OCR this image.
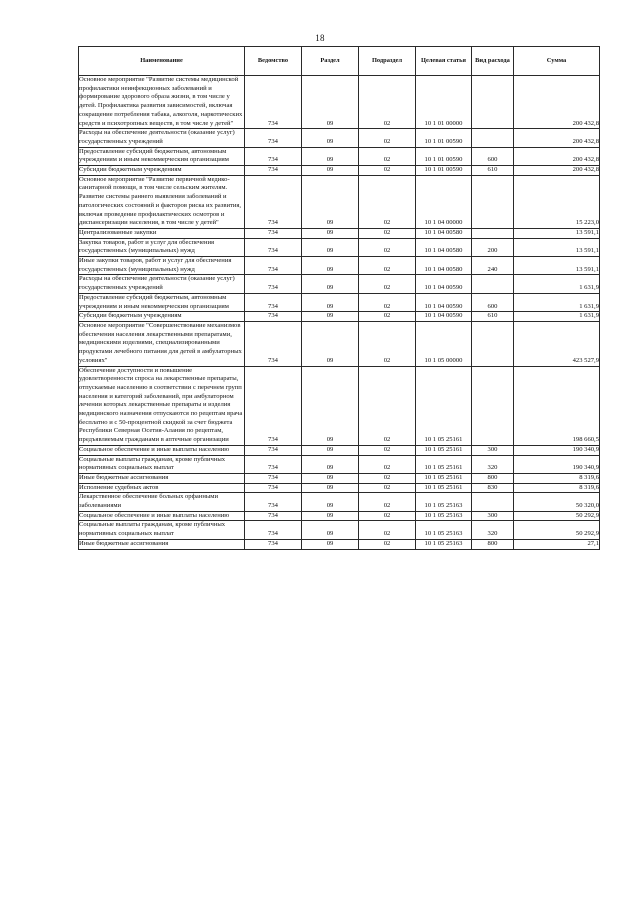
18
Наименование	Ведомство	Раздел	Подраздел	Целевая статья	Вид расхода	Сумма
Основное мероприятие "Развитие системы медицинской профилактики неинфекционных заболеваний и формирование здорового образа жизни, в том числе у детей. Профилактика развития зависимостей, включая сокращение потребления табака, алкоголя, наркотических средств и психотропных веществ, в том числе у детей"	734	09	02	10 1 01 00000		200 432,8
Расходы на обеспечение деятельности (оказание услуг) государственных учреждений	734	09	02	10 1 01 00590		200 432,8
Предоставление субсидий бюджетным, автономным учреждениям и иным некоммерческим организациям	734	09	02	10 1 01 00590	600	200 432,8
Субсидии бюджетным учреждениям	734	09	02	10 1 01 00590	610	200 432,8
Основное мероприятие "Развитие первичной медико-санитарной помощи, в том числе сельским жителям. Развитие системы раннего выявления заболеваний и патологических состояний и факторов риска их развития, включая проведение профилактических осмотров и диспансеризации населения, в том числе у детей"	734	09	02	10 1 04 00000		15 223,0
Централизованные закупки	734	09	02	10 1 04 00580		13 591,1
Закупка товаров, работ и услуг для обеспечения государственных (муниципальных) нужд	734	09	02	10 1 04 00580	200	13 591,1
Иные закупки товаров, работ и услуг для обеспечения государственных (муниципальных) нужд	734	09	02	10 1 04 00580	240	13 591,1
Расходы на обеспечение деятельности (оказание услуг) государственных учреждений	734	09	02	10 1 04 00590		1 631,9
Предоставление субсидий бюджетным, автономным учреждениям и иным некоммерческим организациям	734	09	02	10 1 04 00590	600	1 631,9
Субсидии бюджетным учреждениям	734	09	02	10 1 04 00590	610	1 631,9
Основное мероприятие "Совершенствование механизмов обеспечения населения лекарственными препаратами, медицинскими изделиями, специализированными продуктами лечебного питания для детей в амбулаторных условиях"	734	09	02	10 1 05 00000		423 527,9
Обеспечение доступности и повышение удовлетворенности спроса на лекарственные препараты, отпускаемые населению в соответствии с перечнем групп населения и категорий заболеваний, при амбулаторном лечении которых лекарственные препараты и изделия медицинского назначения отпускаются по рецептам врача бесплатно и с 50-процентной скидкой за счет бюджета Республики Северная Осетия-Алания по рецептам, предъявляемым гражданами в аптечные организации	734	09	02	10 1 05 25161		198 660,5
Социальное обеспечение и иные выплаты населению	734	09	02	10 1 05 25161	300	190 340,9
Социальные выплаты гражданам, кроме публичных нормативных социальных выплат	734	09	02	10 1 05 25161	320	190 340,9
Иные бюджетные ассигнования	734	09	02	10 1 05 25161	800	8 319,6
Исполнение судебных актов	734	09	02	10 1 05 25161	830	8 319,6
Лекарственное обеспечение больных орфанными заболеваниями	734	09	02	10 1 05 25163		50 320,0
Социальное обеспечение и иные выплаты населению	734	09	02	10 1 05 25163	300	50 292,9
Социальные выплаты гражданам, кроме публичных нормативных социальных выплат	734	09	02	10 1 05 25163	320	50 292,9
Иные бюджетные ассигнования	734	09	02	10 1 05 25163	800	27,1
